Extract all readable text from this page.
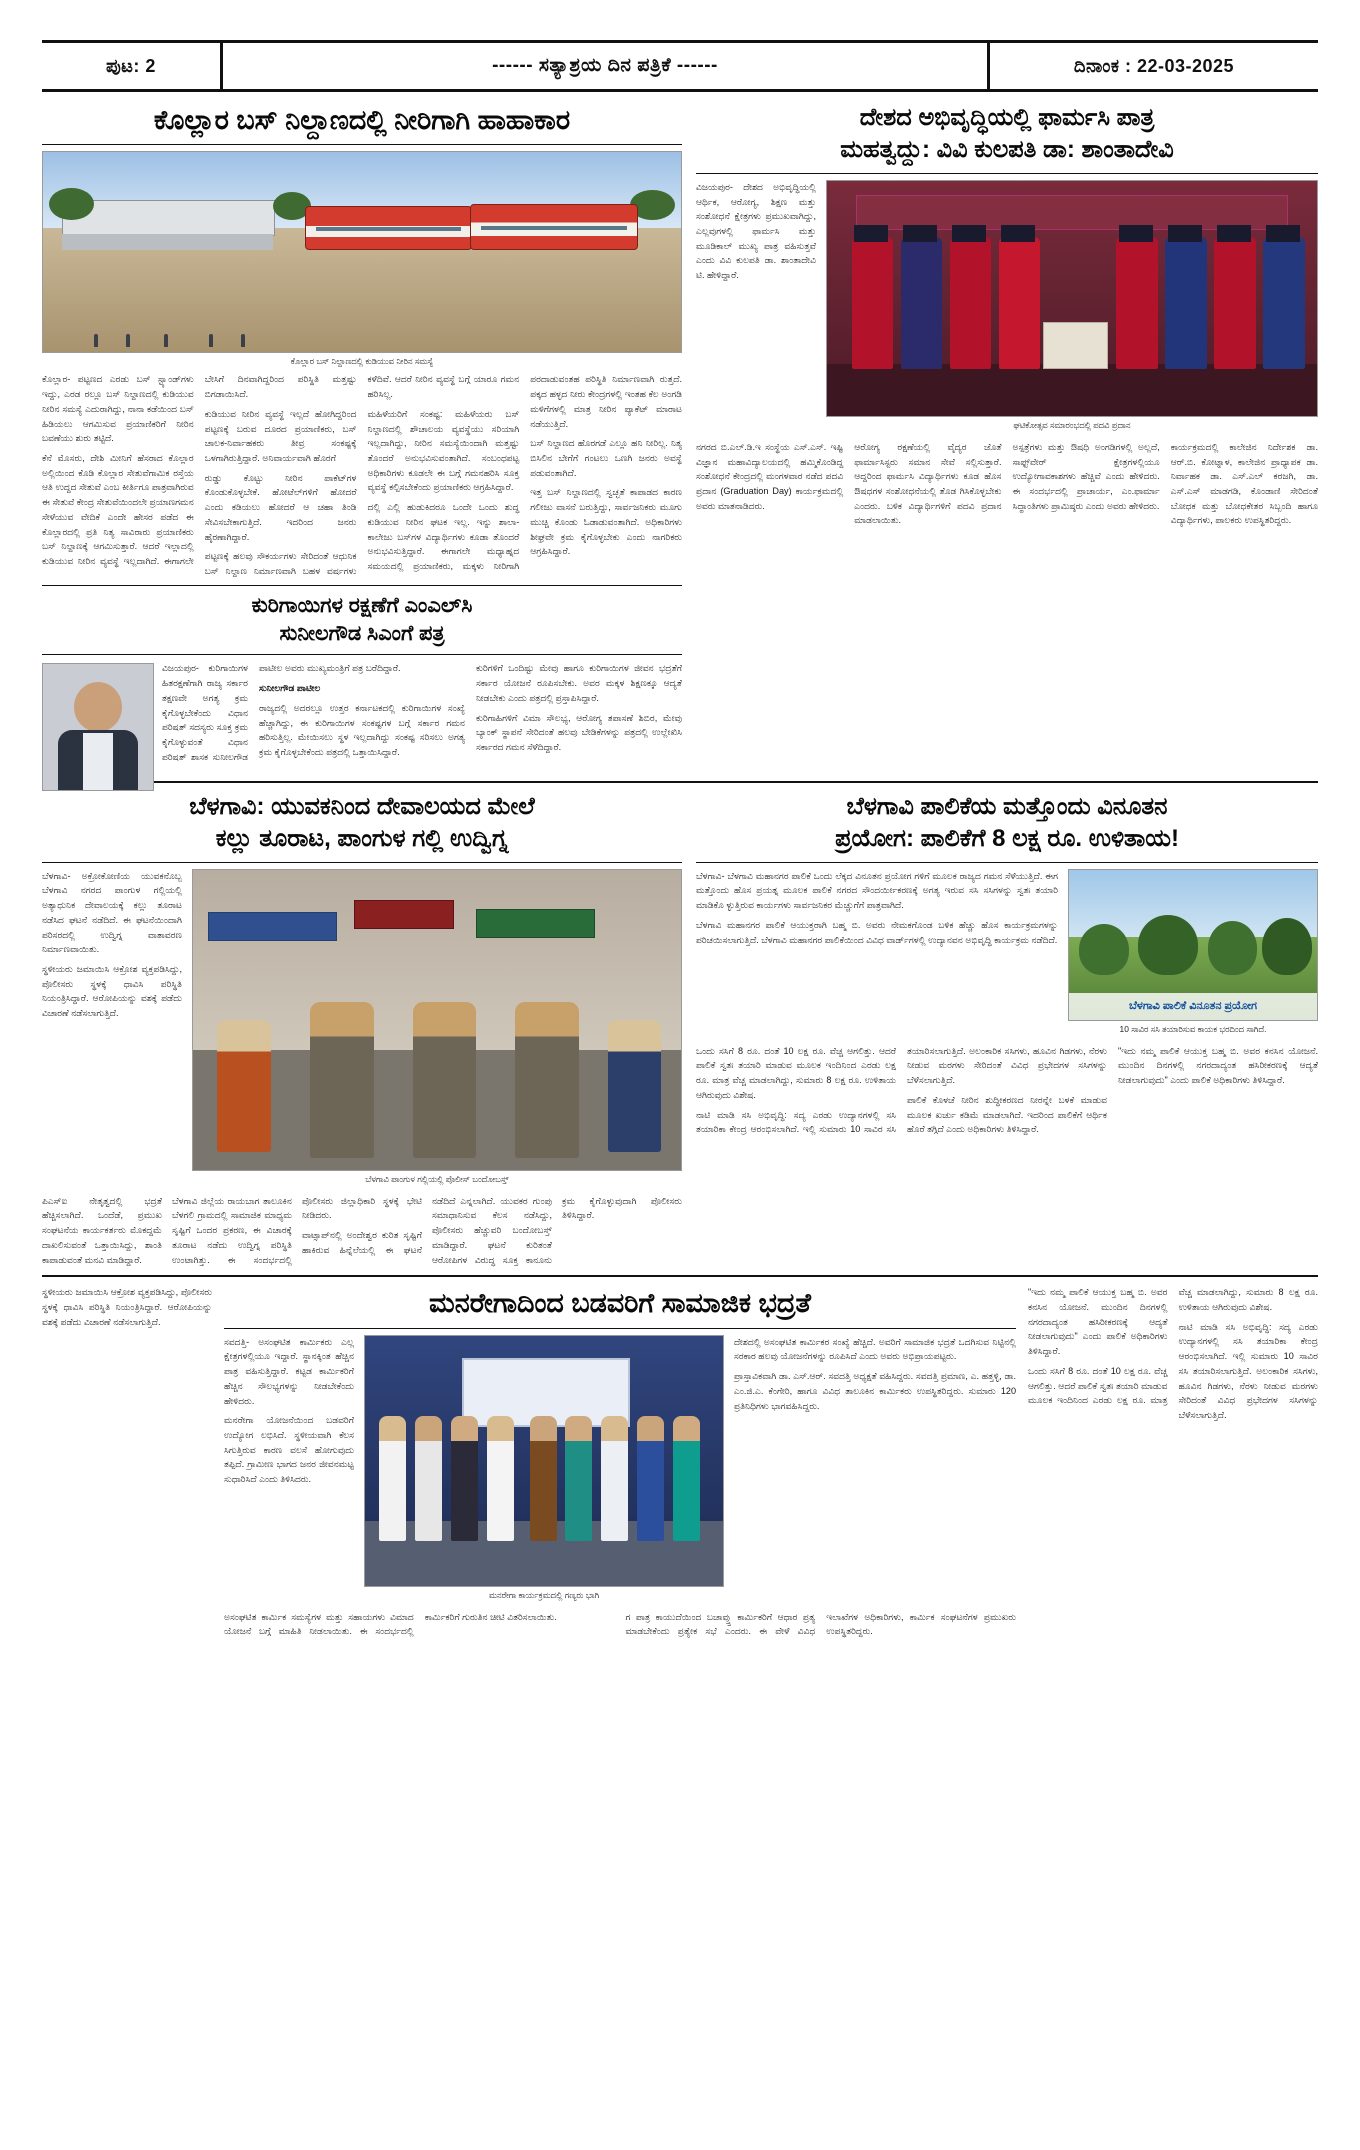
ಪುಟ: 2	------ ಸತ್ಯಾಶ್ರಯ ದಿನ ಪತ್ರಿಕೆ ------	ದಿನಾಂಕ : 22-03-2025
ಕೊಲ್ಲಾರ ಬಸ್ ನಿಲ್ದಾಣದಲ್ಲಿ ನೀರಿಗಾಗಿ ಹಾಹಾಕಾರ
ಕೊಲ್ಲಾರ ಬಸ್ ನಿಲ್ದಾಣದಲ್ಲಿ ಕುಡಿಯುವ ನೀರಿನ ಸಮಸ್ಯೆ

ಕೊಲ್ಲಾರ- ಪಟ್ಟಣದ ಎರಡು ಬಸ್ ಸ್ಟ್ಯಾಂಡ್‌ಗಳು ಇದ್ದು, ಎರಡ ರಲ್ಲೂ ಬಸ್ ನಿಲ್ದಾಣದಲ್ಲಿ ಕುಡಿಯುವ ನೀರಿನ ಸಮಸ್ಯೆ ಎದುರಾಗಿದ್ದು, ನಾನಾ ಕಡೆಯಿಂದ ಬಸ್ ಹಿಡಿಯಲು ಆಗಮಿಸುವ ಪ್ರಯಾಣಿಕರಿಗೆ ನೀರಿನ ಬವಣೆಯು ಶುರು ತಟ್ಟಿದೆ.

ಕೆನೆ ಮೊಸರು, ದೇಶಿ ಮೀನಿಗೆ ಹೆಸರಾದ ಕೊಲ್ಲಾರ ಅಲ್ಲಿಯಿಂದ ಕೊಡಿ ಕೊಲ್ಲಾರ ಸೇತುವೆಗಾಮಿಕ ರಸ್ತೆಯ ಆತಿ ಉದ್ದದ ಸೇತುವೆ ಎಂಬ ಕೀರ್ತಿಗೂ ಪಾತ್ರವಾಗಿರುವ ಈ ಸೇತುವೆ ಕೇಂದ್ರ ಸೇತುವೆಯಿಂದಲೇ ಪ್ರಯಾಣಗಮನ ಸೇಳೆಯುವ ವೇದಿಕೆ ಎಂದೇ ಹೇಸರ ಪಡೆದ ಈ ಕೊಲ್ಲಾರದಲ್ಲಿ ಪ್ರತಿ ನಿತ್ಯ ಸಾವಿರಾರು ಪ್ರಯಾಣಿಕರು ಬಸ್ ನಿಲ್ದಾಣಕ್ಕೆ ಆಗಮಿಸುತ್ತಾರೆ. ಆದರೆ ಇಲ್ಲಾದಲ್ಲಿ ಕುಡಿಯುವ ನೀರಿನ ವ್ಯವಸ್ಥೆ ಇಲ್ಲದಾಗಿದೆ. ಈಗಾಗಲೇ ಬೇಸಿಗೆ ದಿನವಾಗಿದ್ದರಿಂದ ಪರಿಸ್ಥಿತಿ ಮತ್ತಷ್ಟು ಬಿಗಡಾಯಿಸಿದೆ.

ಕುಡಿಯುವ ನೀರಿನ ವ್ಯವಸ್ಥೆ ಇಲ್ಲದೆ ಹೋಗಿದ್ದರಿಂದ ಪಟ್ಟಣಕ್ಕೆ ಬರುವ ದೂರದ ಪ್ರಯಾಣಿಕರು, ಬಸ್ ಚಾಲಕ-ನಿರ್ವಾಹಕರು ತೀವ್ರ ಸಂಕಷ್ಟಕ್ಕೆ ಒಳಗಾಗಿರುತ್ತಿದ್ದಾರೆ. ಅನಿವಾರ್ಯವಾಗಿ ಹೊರಗೆ

ರುಡ್ಡು ಕೊಟ್ಟು ನೀರಿನ ಪಾಕೆಟ್‌ಗಳ ಕೊಂಡುಕೊಳ್ಳಬೇಕೆ. ಹೋಟೆಲ್‌ಗಳಿಗೆ ಹೋದರೆ ಎಂದು ಕಡಿಯಲು ಹೋದರೆ ಆ ಚಹಾ ತಿಂಡಿ ಸೇವಿಸಬೇಕಾಗುತ್ತಿದೆ. ಇದರಿಂದ ಜನರು ಹೈರಣಾಗಿದ್ದಾರೆ.

ಪಟ್ಟಣಕ್ಕೆ ಹಲವು ಸೌಕರ್ಯಗಳು ಸೇರಿದಂತೆ ಆಧುನಿಕ ಬಸ್ ನಿಲ್ದಾಣ ನಿರ್ಮಾಣವಾಗಿ ಬಹಳ ವರ್ಷಗಳು ಕಳೆದಿವೆ. ಆದರೆ ನೀರಿನ ವ್ಯವಸ್ಥೆ ಬಗ್ಗೆ ಯಾರೂ ಗಮನ ಹರಿಸಿಲ್ಲ.

ಮಹಿಳೆಯರಿಗೆ ಸಂಕಷ್ಟ: ಮಹಿಳೆಯರು ಬಸ್ ನಿಲ್ದಾಣದಲ್ಲಿ ಶೌಚಾಲಯ ವ್ಯವಸ್ಥೆಯು ಸರಿಯಾಗಿ ಇಲ್ಲದಾಗಿದ್ದು, ನೀರಿನ ಸಮಸ್ಯೆಯಿಂದಾಗಿ ಮತ್ತಷ್ಟು ತೊಂದರೆ ಅನುಭವಿಸುವಂತಾಗಿದೆ. ಸಂಬಂಧಪಟ್ಟ ಅಧಿಕಾರಿಗಳು ಕೂಡಲೇ ಈ ಬಗ್ಗೆ ಗಮನಹರಿಸಿ ಸೂಕ್ತ ವ್ಯವಸ್ಥೆ ಕಲ್ಪಿಸಬೇಕೆಂದು ಪ್ರಯಾಣಿಕರು ಆಗ್ರಹಿಸಿದ್ದಾರೆ.

ದಲ್ಲಿ ಎಲ್ಲಿ ಹುಡುಕಿದರೂ ಒಂದೇ ಒಂದು ಶುದ್ಧ ಕುಡಿಯುವ ನೀರಿನ ಘಟಕ ಇಲ್ಲ. ಇನ್ನು ಶಾಲಾ-ಕಾಲೇಜು ಬಸ್‌ಗಳ ವಿದ್ಯಾರ್ಥಿಗಳು ಕೂಡಾ ತೊಂದರೆ ಅನುಭವಿಸುತ್ತಿದ್ದಾರೆ. ಈಗಾಗಲೇ ಮಧ್ಯಾಹ್ನದ ಸಮಯದಲ್ಲಿ ಪ್ರಯಾಣಿಕರು, ಮಕ್ಕಳು ನೀರಿಗಾಗಿ ಪರದಾಡುವಂತಹ ಪರಿಸ್ಥಿತಿ ನಿರ್ಮಾಣವಾಗಿ ರುತ್ತದೆ. ಪಕ್ಕದ ಹಳ್ಳದ ನೀರು ಕೇಂದ್ರಗಳಲ್ಲಿ ಇಂತಹ ಕೆಲ ಅಂಗಡಿ ಮಳಿಗೆಗಳಲ್ಲಿ ಮಾತ್ರ ನೀರಿನ ಪ್ಯಾಕೆಟ್ ಮಾರಾಟ ನಡೆಯುತ್ತಿದೆ.

ಬಸ್ ನಿಲ್ದಾಣದ ಹೊರಗಡೆ ಎಲ್ಲೂ ಹನಿ ನೀರಿಲ್ಲ. ನಿತ್ಯ ಬಿಸಿಲಿನ ಬೇಗೆಗೆ ಗಂಟಲು ಒಣಗಿ ಜನರು ಅವಸ್ಥೆ ಪಡುವಂತಾಗಿದೆ.

ಇತ್ತ ಬಸ್ ನಿಲ್ದಾಣದಲ್ಲಿ ಸ್ವಚ್ಛತೆ ಕಾಪಾಡದ ಕಾರಣ ಗಲೀಜು ವಾಸನೆ ಬರುತ್ತಿದ್ದು, ಸಾರ್ವಜನಿಕರು ಮೂಗು ಮುಚ್ಚಿ ಕೊಂಡು ಓಡಾಡುವಂತಾಗಿದೆ. ಅಧಿಕಾರಿಗಳು ಶೀಘ್ರವೇ ಕ್ರಮ ಕೈಗೊಳ್ಳಬೇಕು ಎಂದು ನಾಗರಿಕರು ಆಗ್ರಹಿಸಿದ್ದಾರೆ.

ಕುರಿಗಾಯಿಗಳ ರಕ್ಷಣೆಗೆ ಎಂಎಲ್‌ಸಿ
ಸುನೀಲಗೌಡ ಸಿಎಂಗೆ ಪತ್ರ

ವಿಜಯಪುರ- ಕುರಿಗಾಯಿಗಳ ಹಿತರಕ್ಷಣೆಗಾಗಿ ರಾಜ್ಯ ಸರ್ಕಾರ ತಕ್ಷಣವೇ ಅಗತ್ಯ ಕ್ರಮ ಕೈಗೊಳ್ಳಬೇಕೆಂದು ವಿಧಾನ ಪರಿಷತ್ ಸದಸ್ಯರು ಸೂಕ್ತ ಕ್ರಮ ಕೈಗೊಳ್ಳುವಂತೆ ವಿಧಾನ ಪರಿಷತ್ ಶಾಸಕ ಸುನೀಲಗೌಡ ಪಾಟೀಲ ಅವರು ಮುಖ್ಯಮಂತ್ರಿಗೆ ಪತ್ರ ಬರೆದಿದ್ದಾರೆ.

ಸುನೀಲಗೌಡ ಪಾಟೀಲ

ರಾಜ್ಯದಲ್ಲಿ ಅದರಲ್ಲೂ ಉತ್ತರ ಕರ್ನಾಟಕದಲ್ಲಿ ಕುರಿಗಾಯಿಗಳ ಸಂಖ್ಯೆ ಹೆಚ್ಚಾಗಿದ್ದು, ಈ ಕುರಿಗಾಯಿಗಳ ಸಂಕಷ್ಟಗಳ ಬಗ್ಗೆ ಸರ್ಕಾರ ಗಮನ ಹರಿಸುತ್ತಿಲ್ಲ. ಮೇಯಿಸಲು ಸ್ಥಳ ಇಲ್ಲದಾಗಿದ್ದು ಸಂಕಷ್ಟ ಸರಿಸಲು ಅಗತ್ಯ ಕ್ರಮ ಕೈಗೊಳ್ಳಬೇಕೆಂದು ಪತ್ರದಲ್ಲಿ ಒತ್ತಾಯಿಸಿದ್ದಾರೆ.

ಕುರಿಗಳಿಗೆ ಒಂದಿಷ್ಟು ಮೇವು ಹಾಗೂ ಕುರಿಗಾಯಿಗಳ ಜೀವನ ಭದ್ರತೆಗೆ ಸರ್ಕಾರ ಯೋಜನೆ ರೂಪಿಸಬೇಕು. ಅವರ ಮಕ್ಕಳ ಶಿಕ್ಷಣಕ್ಕೂ ಆದ್ಯತೆ ನೀಡಬೇಕು ಎಂದು ಪತ್ರದಲ್ಲಿ ಪ್ರಸ್ತಾಪಿಸಿದ್ದಾರೆ.

ಕುರಿಗಾಹಿಗಳಿಗೆ ವಿಮಾ ಸೌಲಭ್ಯ, ಆರೋಗ್ಯ ತಪಾಸಣೆ ಶಿಬಿರ, ಮೇವು ಬ್ಯಾಂಕ್ ಸ್ಥಾಪನೆ ಸೇರಿದಂತೆ ಹಲವು ಬೇಡಿಕೆಗಳನ್ನು ಪತ್ರದಲ್ಲಿ ಉಲ್ಲೇಖಿಸಿ ಸರ್ಕಾರದ ಗಮನ ಸೆಳೆದಿದ್ದಾರೆ.

ದೇಶದ ಅಭಿವೃದ್ಧಿಯಲ್ಲಿ ಫಾರ್ಮಸಿ ಪಾತ್ರ
ಮಹತ್ವದ್ದು: ವಿವಿ ಕುಲಪತಿ ಡಾ: ಶಾಂತಾದೇವಿ

ವಿಜಯಪುರ- ದೇಶದ ಅಭಿವೃದ್ಧಿಯಲ್ಲಿ ಆರ್ಥಿಕ, ಆರೋಗ್ಯ, ಶಿಕ್ಷಣ ಮತ್ತು ಸಂಶೋಧನೆ ಕ್ಷೇತ್ರಗಳು ಪ್ರಮುಖವಾಗಿದ್ದು, ಎಲ್ಲವುಗಳಲ್ಲಿ ಫಾರ್ಮಸಿ ಮತ್ತು ಮೂಡಿಕಾಲ್ ಮುಖ್ಯ ಪಾತ್ರ ವಹಿಸುತ್ತವೆ ಎಂದು ವಿವಿ ಕುಲಪತಿ ಡಾ. ಶಾಂತಾದೇವಿ ಟಿ. ಹೇಳಿದ್ದಾರೆ.

ಘಟಿಕೋತ್ಸವ ಸಮಾರಂಭದಲ್ಲಿ ಪದವಿ ಪ್ರದಾನ

ನಗರದ ಬಿ.ಎಲ್.ಡಿ.ಇ ಸಂಸ್ಥೆಯ ಎಸ್.ಎಸ್. ಇಷ್ಟಿ ವಿಜ್ಞಾನ ಮಹಾವಿದ್ಯಾಲಯದಲ್ಲಿ ಹಮ್ಮಿಕೊಂಡಿದ್ದ ಸಂಶೋಧನೆ ಕೇಂದ್ರದಲ್ಲಿ ಮಂಗಳವಾರ ನಡೆದ ಪದವಿ ಪ್ರದಾನ (Graduation Day) ಕಾರ್ಯಕ್ರಮದಲ್ಲಿ ಅವರು ಮಾತನಾಡಿದರು.

ಆರೋಗ್ಯ ರಕ್ಷಣೆಯಲ್ಲಿ ವೈದ್ಯರ ಜೊತೆ ಫಾರ್ಮಾಸಿಸ್ಟರು ಸಮಾನ ಸೇವೆ ಸಲ್ಲಿಸುತ್ತಾರೆ. ಆದ್ದರಿಂದ ಫಾರ್ಮಸಿ ವಿದ್ಯಾರ್ಥಿಗಳು ಕೂಡ ಹೊಸ ಔಷಧಗಳ ಸಂಶೋಧನೆಯಲ್ಲಿ ತೊಡ ಗಿಸಿಕೊಳ್ಳಬೇಕು ಎಂದರು. ಬಳಿಕ ವಿದ್ಯಾರ್ಥಿಗಳಿಗೆ ಪದವಿ ಪ್ರದಾನ ಮಾಡಲಾಯಿತು.

ಅಸ್ಪತ್ರೆಗಳು ಮತ್ತು ಔಷಧಿ ಅಂಗಡಿಗಳಲ್ಲಿ ಅಲ್ಲದೆ, ಸಾಫ್ಟ್‌ವೇರ್ ಕ್ಷೇತ್ರಗಳಲ್ಲಿಯೂ ಉದ್ಯೋಗಾವಕಾಶಗಳು ಹೆಚ್ಚಿವೆ ಎಂದು ಹೇಳಿದರು. ಈ ಸಂದರ್ಭದಲ್ಲಿ ಪ್ರಾಚಾರ್ಯ, ಎಂ.ಫಾರ್ಮಾ ಸಿದ್ಧಾಂತಿಗಳು ಪ್ರಾಮಿಷ್ಠರು ಎಂದು ಅವರು ಹೇಳಿದರು.

ಕಾರ್ಯಕ್ರಮದಲ್ಲಿ ಕಾಲೇಜಿನ ನಿರ್ದೇಶಕ ಡಾ. ಆರ್.ಬಿ. ಕೋಟ್ನಾಳ, ಕಾಲೇಜಿನ ಪ್ರಾಧ್ಯಾಪಕ ಡಾ. ನಿರ್ವಾಹಕ ಡಾ. ಎಸ್.ಎಲ್ ಕರಜಗಿ, ಡಾ. ಎಸ್.ಎಸ್ ಮಾಡಗಡಿ, ಕೊಂಡಾಣಿ ಸೇರಿದಂತೆ ಬೋಧಕ ಮತ್ತು ಬೋಧಕೇತರ ಸಿಬ್ಬಂದಿ ಹಾಗೂ ವಿದ್ಯಾರ್ಥಿಗಳು, ಪಾಲಕರು ಉಪಸ್ಥಿತರಿದ್ದರು.

ಬೆಳಗಾವಿ: ಯುವಕನಿಂದ ದೇವಾಲಯದ ಮೇಲೆ
ಕಲ್ಲು ತೂರಾಟ, ಪಾಂಗುಳ ಗಲ್ಲಿ ಉದ್ವಿಗ್ನ

ಬೆಳಗಾವಿ- ಅಕ್ರೋಕೋಣಿಯ ಯುವಕನೊಬ್ಬ ಬೆಳಗಾವಿ ನಗರದ ಪಾಂಗುಳ ಗಲ್ಲಿಯಲ್ಲಿ ಅತ್ಯಾಧುನಿಕ ದೇವಾಲಯಕ್ಕೆ ಕಲ್ಲು ತೂರಾಟ ನಡೆಸಿದ ಘಟನೆ ನಡೆದಿದೆ. ಈ ಘಟನೆಯಿಂದಾಗಿ ಪರಿಸರದಲ್ಲಿ ಉದ್ವಿಗ್ನ ವಾತಾವರಣ ನಿರ್ಮಾಣವಾಯಿತು.

ಸ್ಥಳೀಯರು ಜಮಾಯಿಸಿ ಆಕ್ರೋಶ ವ್ಯಕ್ತಪಡಿಸಿದ್ದು, ಪೊಲೀಸರು ಸ್ಥಳಕ್ಕೆ ಧಾವಿಸಿ ಪರಿಸ್ಥಿತಿ ನಿಯಂತ್ರಿಸಿದ್ದಾರೆ. ಆರೋಪಿಯನ್ನು ವಶಕ್ಕೆ ಪಡೆದು ವಿಚಾರಣೆ ನಡೆಸಲಾಗುತ್ತಿದೆ.

ಬೆಳಗಾವಿ ಪಾಂಗುಳ ಗಲ್ಲಿಯಲ್ಲಿ ಪೊಲೀಸ್ ಬಂದೋಬಸ್ತ್

ಪಿಎಸ್‌ಐ ನೇತೃತ್ವದಲ್ಲಿ ಭದ್ರತೆ ಹೆಚ್ಚಿಸಲಾಗಿದೆ. ಒಂದೆಡೆ, ಪ್ರಮುಖ ಸಂಘಟನೆಯ ಕಾರ್ಯಕರ್ತರು ಮೊಕದ್ದಮೆ ದಾಖಲಿಸುವಂತೆ ಒತ್ತಾಯಿಸಿದ್ದು, ಶಾಂತಿ ಕಾಪಾಡುವಂತೆ ಮನವಿ ಮಾಡಿದ್ದಾರೆ.

ಬೆಳಗಾವಿ ಜಿಲ್ಲೆಯ ರಾಯಬಾಗ ತಾಲೂಕಿನ ಬೆಳಗಲಿ ಗ್ರಾಮದಲ್ಲಿ ಸಾಮಾಜಿಕ ಮಾಧ್ಯಮ ಸೃಷ್ಟಿಗೆ ಒಂದರ ಪ್ರಕರಣ, ಈ ವಿಚಾರಕ್ಕೆ ತೂರಾಟ ನಡೆದು ಉದ್ವಿಗ್ನ ಪರಿಸ್ಥಿತಿ ಉಂಟಾಗಿತ್ತು. ಈ ಸಂದರ್ಭದಲ್ಲಿ ಪೊಲೀಸರು ಜಿಲ್ಲಾಧಿಕಾರಿ ಸ್ಥಳಕ್ಕೆ ಭೇಟಿ ನೀಡಿದರು.

ವಾಟ್ಸಾಪ್‌ನಲ್ಲಿ ಅಂದೇಶ್ವರ ಕುರಿತ ಸೃಷ್ಟಿಗೆ ಹಾಕಿರುವ ಹಿನ್ನೆಲೆಯಲ್ಲಿ ಈ ಘಟನೆ ನಡೆದಿದೆ ಎನ್ನಲಾಗಿದೆ. ಯುವಕರ ಗುಂಪು ಸಮಾಧಾನಿಸುವ ಕೆಲಸ ನಡೆಸಿದ್ದು, ಪೊಲೀಸರು ಹೆಚ್ಚುವರಿ ಬಂದೋಬಸ್ತ್ ಮಾಡಿದ್ದಾರೆ. ಘಟನೆ ಕುರಿತಂತೆ ಆರೋಪಿಗಳ ವಿರುದ್ಧ ಸೂಕ್ತ ಕಾನೂನು ಕ್ರಮ ಕೈಗೊಳ್ಳುವುದಾಗಿ ಪೊಲೀಸರು ತಿಳಿಸಿದ್ದಾರೆ.

ಬೆಳಗಾವಿ ಪಾಲಿಕೆಯ ಮತ್ತೊಂದು ವಿನೂತನ
ಪ್ರಯೋಗ: ಪಾಲಿಕೆಗೆ 8 ಲಕ್ಷ ರೂ. ಉಳಿತಾಯ!

ಬೆಳಗಾವಿ- ಬೆಳಗಾವಿ ಮಹಾನಗರ ಪಾಲಿಕೆ ಒಂದು ಲೆಕ್ಕದ ವಿನೂತನ ಪ್ರಯೋಗ ಗಳಿಗೆ ಮೂಲಕ ರಾಜ್ಯದ ಗಮನ ಸೆಳೆಯುತ್ತಿದೆ. ಈಗ ಮತ್ತೊಂದು ಹೊಸ ಪ್ರಯತ್ನ ಮೂಲಕ ಪಾಲಿಕೆ ನಗರದ ಸೌಂದರ್ಯೀಕರಣಕ್ಕೆ ಅಗತ್ಯ ಇರುವ ಸಸಿ ಸಸಿಗಳನ್ನು ಸ್ವತಃ ತಯಾರಿ ಮಾಡಿಕೊ ಳ್ಳುತ್ತಿರುವ ಕಾರ್ಯಗಳು ಸಾರ್ವಜನಿಕರ ಮೆಚ್ಚುಗೆಗೆ ಪಾತ್ರವಾಗಿದೆ.

ಬೆಳಗಾವಿ ಮಹಾನಗರ ಪಾಲಿಕೆ ಆಯುಕ್ತರಾಗಿ ಬಹ್ಮ ಬಿ. ಅವರು ನೇಮಕಗೊಂಡ ಬಳಿಕ ಹೆಚ್ಚು ಹೊಸ ಕಾರ್ಯಕ್ರಮಗಳನ್ನು ಪರಿಚಯಿಸಲಾಗುತ್ತಿದೆ. ಬೆಳಗಾವಿ ಮಹಾನಗರ ಪಾಲಿಕೆಯಿಂದ ವಿವಿಧ ವಾರ್ಡ್‌ಗಳಲ್ಲಿ ಉದ್ಯಾನವನ ಅಭಿವೃದ್ಧಿ ಕಾರ್ಯಕ್ರಮ ನಡೆದಿದೆ.

ಬೆಳಗಾವಿ ಪಾಲಿಕೆ ವಿನೂತನ ಪ್ರಯೋಗ
10 ಸಾವಿರ ಸಸಿ ತಯಾರಿಸುವ ಕಾಯಕ ಭರದಿಂದ ಸಾಗಿದೆ.

ಒಂದು ಸಸಿಗೆ 8 ರೂ. ದಂತೆ 10 ಲಕ್ಷ ರೂ. ವೆಚ್ಚ ಆಗಲಿತ್ತು. ಆದರೆ ಪಾಲಿಕೆ ಸ್ವತಃ ತಯಾರಿ ಮಾಡುವ ಮೂಲಕ ಇಂದಿನಿಂದ ಎರಡು ಲಕ್ಷ ರೂ. ಮಾತ್ರ ವೆಚ್ಚ ಮಾಡಲಾಗಿದ್ದು, ಸುಮಾರು 8 ಲಕ್ಷ ರೂ. ಉಳಿತಾಯ ಆಗಿರುವುದು ವಿಶೇಷ.

ನಾಟಿ ಮಾಡಿ ಸಸಿ ಅಭಿವೃದ್ಧಿ: ಸದ್ಯ ಎರಡು ಉದ್ಯಾನಗಳಲ್ಲಿ ಸಸಿ ತಯಾರಿಕಾ ಕೇಂದ್ರ ಆರಂಭಿಸಲಾಗಿದೆ. ಇಲ್ಲಿ ಸುಮಾರು 10 ಸಾವಿರ ಸಸಿ ತಯಾರಿಸಲಾಗುತ್ತಿದೆ. ಅಲಂಕಾರಿಕ ಸಸಿಗಳು, ಹೂವಿನ ಗಿಡಗಳು, ನೆರಳು ನೀಡುವ ಮರಗಳು ಸೇರಿದಂತೆ ವಿವಿಧ ಪ್ರಭೇದಗಳ ಸಸಿಗಳನ್ನು ಬೆಳೆಸಲಾಗುತ್ತಿದೆ.

ಪಾಲಿಕೆ ಕೊಳಚೆ ನೀರಿನ ಶುದ್ಧೀಕರಣದ ನೀರನ್ನೇ ಬಳಕೆ ಮಾಡುವ ಮೂಲಕ ಖರ್ಚು ಕಡಿಮೆ ಮಾಡಲಾಗಿದೆ. ಇದರಿಂದ ಪಾಲಿಕೆಗೆ ಆರ್ಥಿಕ ಹೊರೆ ತಗ್ಗಿದೆ ಎಂದು ಅಧಿಕಾರಿಗಳು ತಿಳಿಸಿದ್ದಾರೆ.

"ಇದು ನಮ್ಮ ಪಾಲಿಕೆ ಆಯುಕ್ತ ಬಹ್ಮ ಬಿ. ಅವರ ಕನಸಿನ ಯೋಜನೆ. ಮುಂದಿನ ದಿನಗಳಲ್ಲಿ ನಗರದಾದ್ಯಂತ ಹಸಿರೀಕರಣಕ್ಕೆ ಆದ್ಯತೆ ನೀಡಲಾಗುವುದು" ಎಂದು ಪಾಲಿಕೆ ಅಧಿಕಾರಿಗಳು ತಿಳಿಸಿದ್ದಾರೆ.

ಸ್ಥಳೀಯರು ಜಮಾಯಿಸಿ ಆಕ್ರೋಶ ವ್ಯಕ್ತಪಡಿಸಿದ್ದು, ಪೊಲೀಸರು ಸ್ಥಳಕ್ಕೆ ಧಾವಿಸಿ ಪರಿಸ್ಥಿತಿ ನಿಯಂತ್ರಿಸಿದ್ದಾರೆ. ಆರೋಪಿಯನ್ನು ವಶಕ್ಕೆ ಪಡೆದು ವಿಚಾರಣೆ ನಡೆಸಲಾಗುತ್ತಿದೆ.

ಮನರೇಗಾದಿಂದ ಬಡವರಿಗೆ ಸಾಮಾಜಿಕ ಭದ್ರತೆ

ಸವದತ್ತಿ- ಅಸಂಘಟಿತ ಕಾರ್ಮಿಕರು ಎಲ್ಲ ಕ್ಷೇತ್ರಗಳಲ್ಲಿಯೂ ಇದ್ದಾರೆ. ಸ್ಥಾನಕ್ಕಿಂತ ಹೆಚ್ಚಿನ ಪಾತ್ರ ವಹಿಸುತ್ತಿದ್ದಾರೆ. ಕಟ್ಟಡ ಕಾರ್ಮಿಕರಿಗೆ ಹೆಚ್ಚಿನ ಸೌಲಭ್ಯಗಳನ್ನು ನೀಡಬೇಕೆಂದು ಹೇಳಿದರು.

ಮನರೇಗಾ ಯೋಜನೆಯಿಂದ ಬಡವರಿಗೆ ಉದ್ಯೋಗ ಲಭಿಸಿದೆ. ಸ್ಥಳೀಯವಾಗಿ ಕೆಲಸ ಸಿಗುತ್ತಿರುವ ಕಾರಣ ವಲಸೆ ಹೋಗುವುದು ತಪ್ಪಿದೆ. ಗ್ರಾಮೀಣ ಭಾಗದ ಜನರ ಜೀವನಮಟ್ಟ ಸುಧಾರಿಸಿದೆ ಎಂದು ತಿಳಿಸಿದರು.

ಮನರೇಗಾ ಕಾರ್ಯಕ್ರಮದಲ್ಲಿ ಗಣ್ಯರು ಭಾಗಿ

ದೇಶದಲ್ಲಿ ಅಸಂಘಟಿತ ಕಾರ್ಮಿಕರ ಸಂಖ್ಯೆ ಹೆಚ್ಚಿದೆ. ಅವರಿಗೆ ಸಾಮಾಜಿಕ ಭದ್ರತೆ ಒದಗಿಸುವ ನಿಟ್ಟಿನಲ್ಲಿ ಸರಕಾರ ಹಲವು ಯೋಜನೆಗಳನ್ನು ರೂಪಿಸಿದೆ ಎಂದು ಅವರು ಅಭಿಪ್ರಾಯಪಟ್ಟರು.

ಪ್ರಾಸ್ತಾವಿಕವಾಗಿ ಡಾ. ಎಸ್.ಆರ್. ಸವದತ್ತಿ ಅಧ್ಯಕ್ಷತೆ ವಹಿಸಿದ್ದರು. ಸವದತ್ತಿ ಪ್ರಮಾಣ, ಎ. ಹತ್ತಳ್ಳಿ, ಡಾ. ಎಂ.ಜಿ.ಎ. ಕೆಂಗೇರಿ, ಹಾಗೂ ವಿವಿಧ ತಾಲೂಕಿನ ಕಾರ್ಮಿಕರು ಉಪಸ್ಥಿತರಿದ್ದರು. ಸುಮಾರು 120 ಪ್ರತಿನಿಧಿಗಳು ಭಾಗವಹಿಸಿದ್ದರು.

ಅಸಂಘಟಿತ ಕಾರ್ಮಿಕ ಸಮಸ್ಯೆಗಳ ಮತ್ತು ಸಹಾಯಗಳು ವಿಮಾದ ಯೋಜನೆ ಬಗ್ಗೆ ಮಾಹಿತಿ ನೀಡಲಾಯಿತು. ಈ ಸಂದರ್ಭದಲ್ಲಿ ಕಾರ್ಮಿಕರಿಗೆ ಗುರುತಿನ ಚೀಟಿ ವಿತರಿಸಲಾಯಿತು.	ಗ ಪಾತ್ರ ಕಾಯುದೆಯಿಂದ ಬಚಾವ್ತ್ತು ಕಾರ್ಮಿಕರಿಗೆ ಆಧಾರ ಪ್ರತ್ಯ ಮಾಡಬೇಕೆಂದು ಪ್ರತ್ಯೇಕ ಸಭೆ ಎಂದರು. ಈ ವೇಳೆ ವಿವಿಧ ಇಲಾಖೆಗಳ ಅಧಿಕಾರಿಗಳು, ಕಾರ್ಮಿಕ ಸಂಘಟನೆಗಳ ಪ್ರಮುಖರು ಉಪಸ್ಥಿತರಿದ್ದರು.

"ಇದು ನಮ್ಮ ಪಾಲಿಕೆ ಆಯುಕ್ತ ಬಹ್ಮ ಬಿ. ಅವರ ಕನಸಿನ ಯೋಜನೆ. ಮುಂದಿನ ದಿನಗಳಲ್ಲಿ ನಗರದಾದ್ಯಂತ ಹಸಿರೀಕರಣಕ್ಕೆ ಆದ್ಯತೆ ನೀಡಲಾಗುವುದು" ಎಂದು ಪಾಲಿಕೆ ಅಧಿಕಾರಿಗಳು ತಿಳಿಸಿದ್ದಾರೆ.

ಒಂದು ಸಸಿಗೆ 8 ರೂ. ದಂತೆ 10 ಲಕ್ಷ ರೂ. ವೆಚ್ಚ ಆಗಲಿತ್ತು. ಆದರೆ ಪಾಲಿಕೆ ಸ್ವತಃ ತಯಾರಿ ಮಾಡುವ ಮೂಲಕ ಇಂದಿನಿಂದ ಎರಡು ಲಕ್ಷ ರೂ. ಮಾತ್ರ ವೆಚ್ಚ ಮಾಡಲಾಗಿದ್ದು, ಸುಮಾರು 8 ಲಕ್ಷ ರೂ. ಉಳಿತಾಯ ಆಗಿರುವುದು ವಿಶೇಷ.

ನಾಟಿ ಮಾಡಿ ಸಸಿ ಅಭಿವೃದ್ಧಿ: ಸದ್ಯ ಎರಡು ಉದ್ಯಾನಗಳಲ್ಲಿ ಸಸಿ ತಯಾರಿಕಾ ಕೇಂದ್ರ ಆರಂಭಿಸಲಾಗಿದೆ. ಇಲ್ಲಿ ಸುಮಾರು 10 ಸಾವಿರ ಸಸಿ ತಯಾರಿಸಲಾಗುತ್ತಿದೆ. ಅಲಂಕಾರಿಕ ಸಸಿಗಳು, ಹೂವಿನ ಗಿಡಗಳು, ನೆರಳು ನೀಡುವ ಮರಗಳು ಸೇರಿದಂತೆ ವಿವಿಧ ಪ್ರಭೇದಗಳ ಸಸಿಗಳನ್ನು ಬೆಳೆಸಲಾಗುತ್ತಿದೆ.
